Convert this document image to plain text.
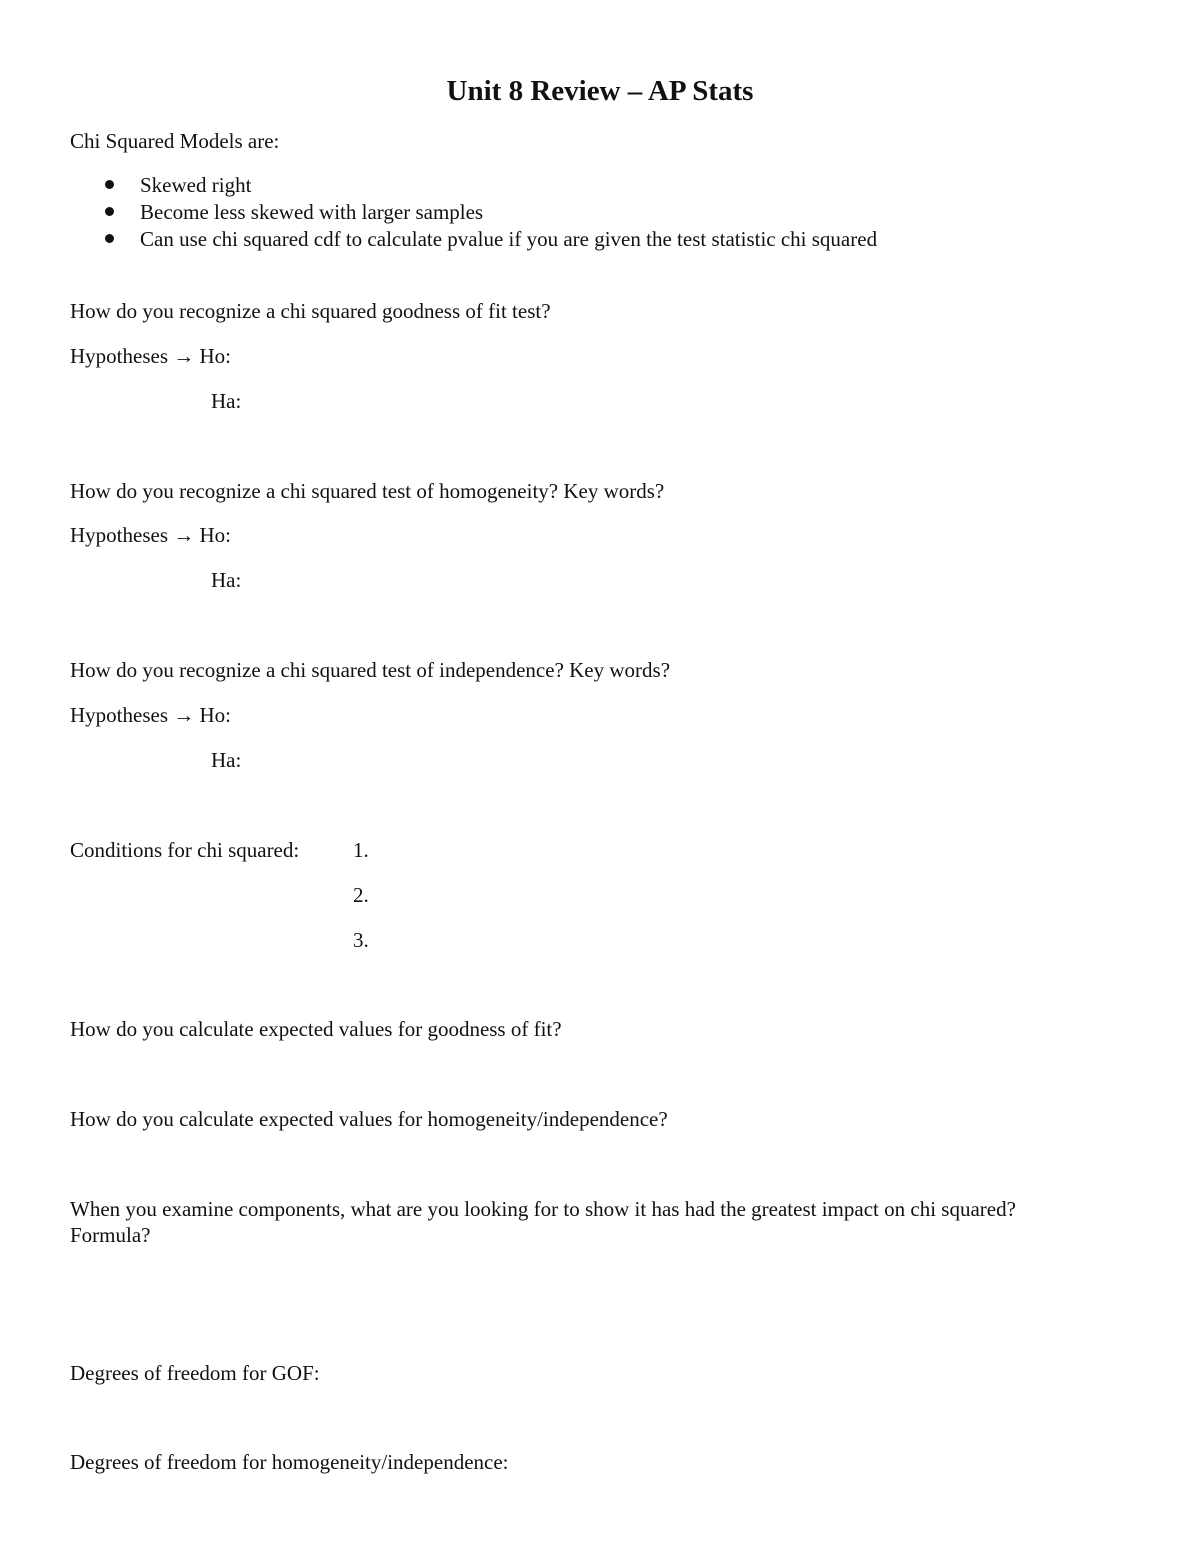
Unit 8 Review – AP Stats
Chi Squared Models are:
Skewed right
Become less skewed with larger samples
Can use chi squared cdf to calculate pvalue if you are given the test statistic chi squared
How do you recognize a chi squared goodness of fit test?
Hypotheses → Ho:
Ha:
How do you recognize a chi squared test of homogeneity? Key words?
Hypotheses → Ho:
Ha:
How do you recognize a chi squared test of independence? Key words?
Hypotheses → Ho:
Ha:
Conditions for chi squared:	1.
2.
3.
How do you calculate expected values for goodness of fit?
How do you calculate expected values for homogeneity/independence?
When you examine components, what are you looking for to show it has had the greatest impact on chi squared? Formula?
Degrees of freedom for GOF:
Degrees of freedom for homogeneity/independence:
